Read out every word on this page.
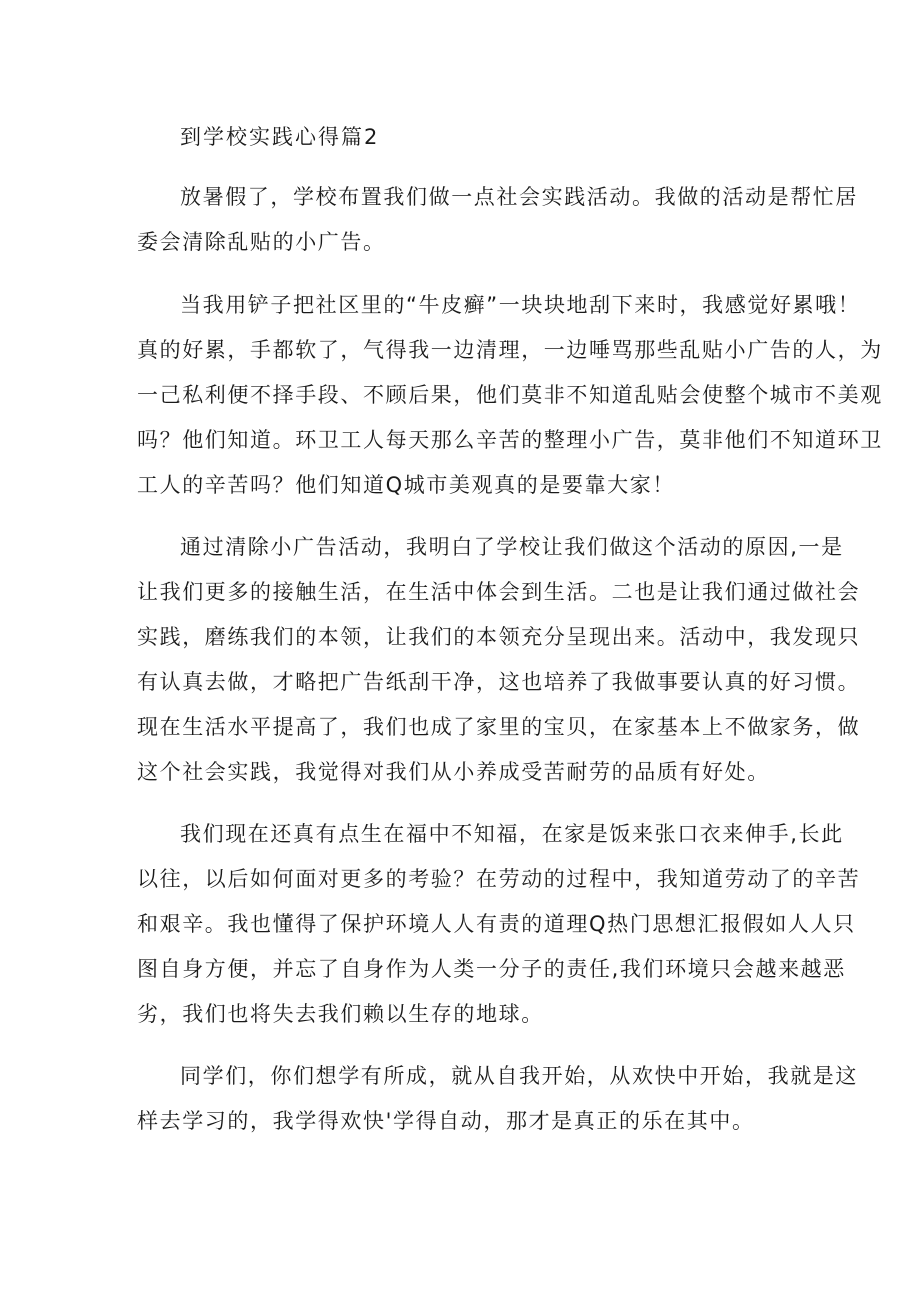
到学校实践心得篇2

放暑假了，学校布置我们做一点社会实践活动。我做的活动是帮忙居

委会清除乱贴的小广告。

当我用铲子把社区里的“牛皮癣”一块块地刮下来时，我感觉好累哦！

真的好累，手都软了，气得我一边清理，一边唾骂那些乱贴小广告的人，为

一己私利便不择手段、不顾后果，他们莫非不知道乱贴会使整个城市不美观

吗？他们知道。环卫工人每天那么辛苦的整理小广告，莫非他们不知道环卫

工人的辛苦吗？他们知道Q城市美观真的是要靠大家！

通过清除小广告活动，我明白了学校让我们做这个活动的原因,一是

让我们更多的接触生活，在生活中体会到生活。二也是让我们通过做社会

实践，磨练我们的本领，让我们的本领充分呈现出来。活动中，我发现只

有认真去做，才略把广告纸刮干净，这也培养了我做事要认真的好习惯。

现在生活水平提高了，我们也成了家里的宝贝，在家基本上不做家务，做

这个社会实践，我觉得对我们从小养成受苦耐劳的品质有好处。

我们现在还真有点生在福中不知福，在家是饭来张口衣来伸手,长此

以往，以后如何面对更多的考验？在劳动的过程中，我知道劳动了的辛苦

和艰辛。我也懂得了保护环境人人有责的道理Q热门思想汇报假如人人只

图自身方便，并忘了自身作为人类一分子的责任,我们环境只会越来越恶

劣，我们也将失去我们赖以生存的地球。

同学们，你们想学有所成，就从自我开始，从欢快中开始，我就是这

样去学习的，我学得欢快'学得自动，那才是真正的乐在其中。
